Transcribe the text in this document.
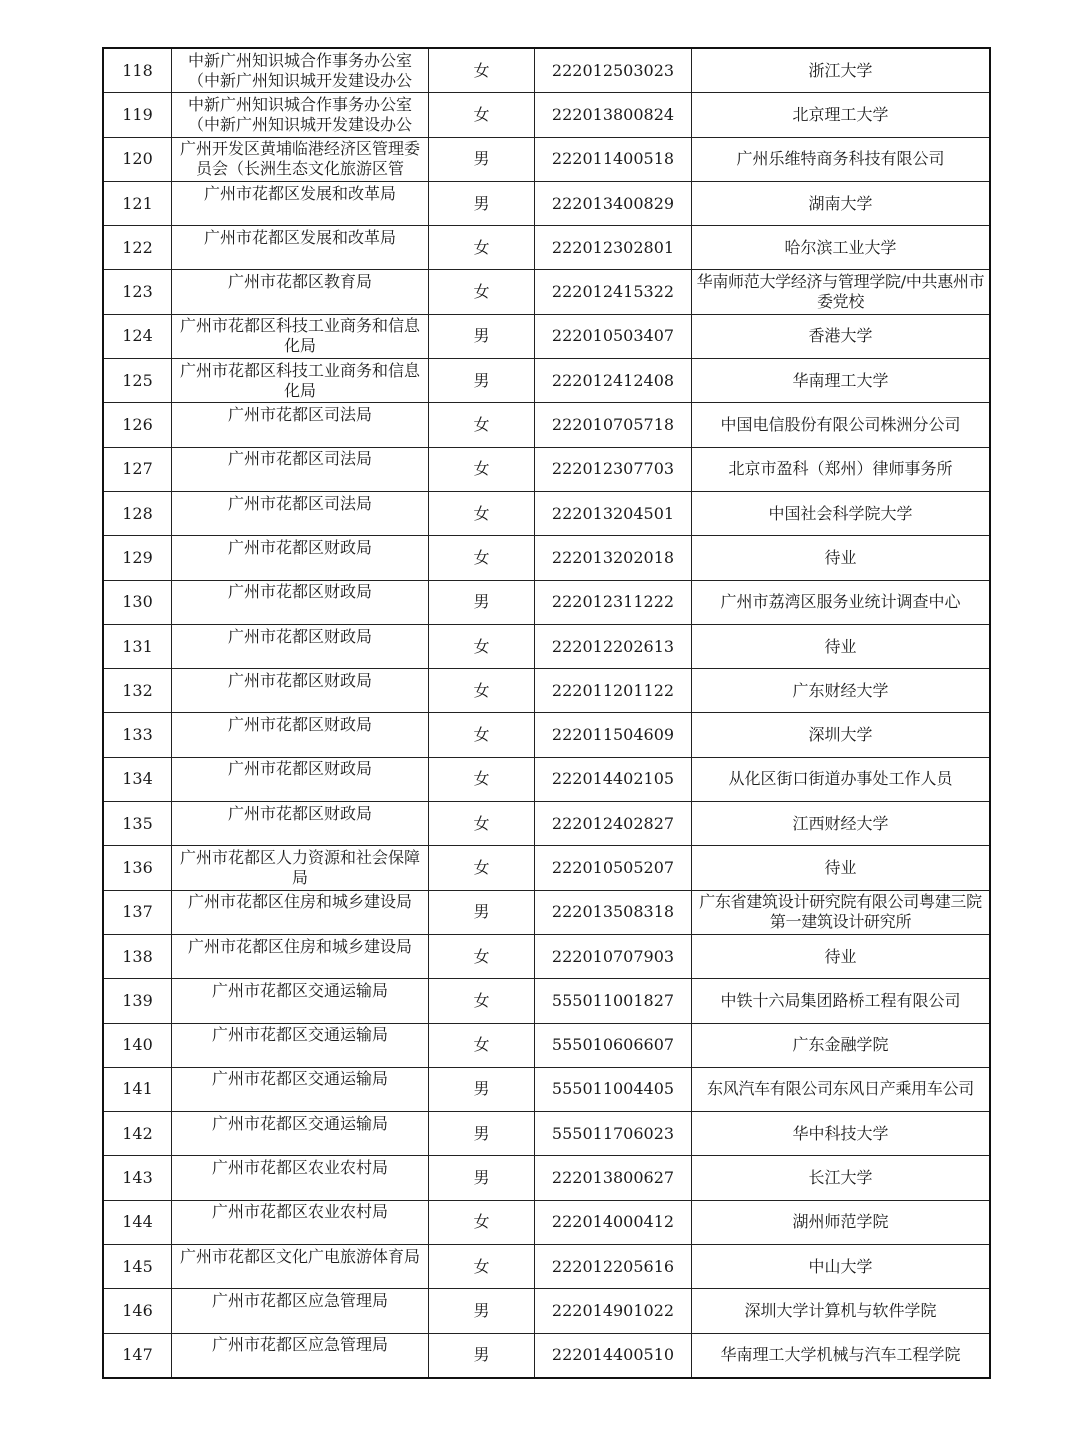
118	中新广州知识城合作事务办公室（中新广州知识城开发建设办公	女	222012503023	浙江大学
119	中新广州知识城合作事务办公室（中新广州知识城开发建设办公	女	222013800824	北京理工大学
120	广州开发区黄埔临港经济区管理委员会（长洲生态文化旅游区管	男	222011400518	广州乐维特商务科技有限公司
121	广州市花都区发展和改革局	男	222013400829	湖南大学
122	广州市花都区发展和改革局	女	222012302801	哈尔滨工业大学
123	广州市花都区教育局	女	222012415322	华南师范大学经济与管理学院/中共惠州市委党校
124	广州市花都区科技工业商务和信息化局	男	222010503407	香港大学
125	广州市花都区科技工业商务和信息化局	男	222012412408	华南理工大学
126	广州市花都区司法局	女	222010705718	中国电信股份有限公司株洲分公司
127	广州市花都区司法局	女	222012307703	北京市盈科（郑州）律师事务所
128	广州市花都区司法局	女	222013204501	中国社会科学院大学
129	广州市花都区财政局	女	222013202018	待业
130	广州市花都区财政局	男	222012311222	广州市荔湾区服务业统计调查中心
131	广州市花都区财政局	女	222012202613	待业
132	广州市花都区财政局	女	222011201122	广东财经大学
133	广州市花都区财政局	女	222011504609	深圳大学
134	广州市花都区财政局	女	222014402105	从化区街口街道办事处工作人员
135	广州市花都区财政局	女	222012402827	江西财经大学
136	广州市花都区人力资源和社会保障局	女	222010505207	待业
137	广州市花都区住房和城乡建设局	男	222013508318	广东省建筑设计研究院有限公司粤建三院第一建筑设计研究所
138	广州市花都区住房和城乡建设局	女	222010707903	待业
139	广州市花都区交通运输局	女	555011001827	中铁十六局集团路桥工程有限公司
140	广州市花都区交通运输局	女	555010606607	广东金融学院
141	广州市花都区交通运输局	男	555011004405	东风汽车有限公司东风日产乘用车公司
142	广州市花都区交通运输局	男	555011706023	华中科技大学
143	广州市花都区农业农村局	男	222013800627	长江大学
144	广州市花都区农业农村局	女	222014000412	湖州师范学院
145	广州市花都区文化广电旅游体育局	女	222012205616	中山大学
146	广州市花都区应急管理局	男	222014901022	深圳大学计算机与软件学院
147	广州市花都区应急管理局	男	222014400510	华南理工大学机械与汽车工程学院
